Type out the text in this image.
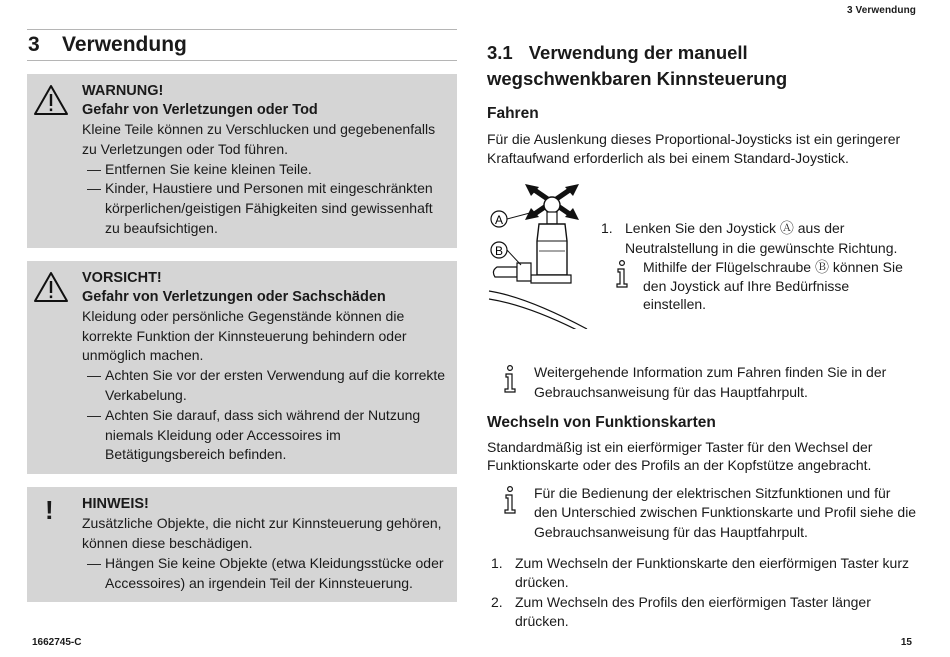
3 Verwendung
3	Verwendung
WARNUNG!
Gefahr von Verletzungen oder Tod

Kleine Teile können zu Verschlucken und gegebenenfalls zu Verletzungen oder Tod führen.

— Entfernen Sie keine kleinen Teile.
— Kinder, Haustiere und Personen mit eingeschränkten körperlichen/geistigen Fähigkeiten sind gewissenhaft zu beaufsichtigen.
VORSICHT!
Gefahr von Verletzungen oder Sachschäden

Kleidung oder persönliche Gegenstände können die korrekte Funktion der Kinnsteuerung behindern oder unmöglich machen.

— Achten Sie vor der ersten Verwendung auf die korrekte Verkabelung.
— Achten Sie darauf, dass sich während der Nutzung niemals Kleidung oder Accessoires im Betätigungsbereich befinden.
! HINWEIS!

Zusätzliche Objekte, die nicht zur Kinnsteuerung gehören, können diese beschädigen.

— Hängen Sie keine Objekte (etwa Kleidungsstücke oder Accessoires) an irgendein Teil der Kinnsteuerung.
3.1 Verwendung der manuell wegschwenkbaren Kinnsteuerung
Fahren

Für die Auslenkung dieses Proportional-Joysticks ist ein geringerer Kraftaufwand erforderlich als bei einem Standard-Joystick.

A
B
1. Lenken Sie den Joystick Ⓐ aus der Neutralstellung in die gewünschte Richtung.
Mithilfe der Flügelschraube Ⓑ können Sie den Joystick auf Ihre Bedürfnisse einstellen.
Weitergehende Information zum Fahren finden Sie in der Gebrauchsanweisung für das Hauptfahrpult.
Wechseln von Funktionskarten

Standardmäßig ist ein eierförmiger Taster für den Wechsel der Funktionskarte oder des Profils an der Kopfstütze angebracht.

Für die Bedienung der elektrischen Sitzfunktionen und für den Unterschied zwischen Funktionskarte und Profil siehe die Gebrauchsanweisung für das Hauptfahrpult.
1. Zum Wechseln der Funktionskarte den eierförmigen Taster kurz drücken.
2. Zum Wechseln des Profils den eierförmigen Taster länger drücken.
1662745-C	15
